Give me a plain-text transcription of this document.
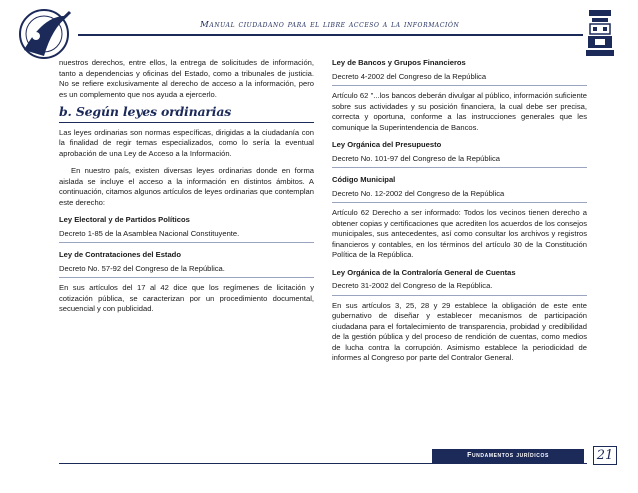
Manual ciudadano para el libre acceso a la información

nuestros derechos, entre ellos, la entrega de solicitudes de información, tanto a dependencias y oficinas del Estado, como a tribunales de justicia. No se refiere exclusivamente al derecho de acceso a la información, pero es un complemento que nos ayuda a ejercerlo.

b. Según leyes ordinarias

Las leyes ordinarias son normas específicas, dirigidas a la ciudadanía con la finalidad de regir temas especializados, como lo sería la eventual aprobación de una Ley de Acceso a la Información.

En nuestro país, existen diversas leyes ordinarias donde en forma aislada se incluye el acceso a la información en distintos ámbitos. A continuación, citamos algunos artículos de leyes ordinarias que contemplan este derecho:

Ley Electoral y de Partidos Políticos
Decreto 1-85 de la Asamblea Nacional Constituyente.
Ley de Contrataciones del Estado
Decreto No. 57-92 del Congreso de la República.

En sus artículos del 17 al 42 dice que los regímenes de licitación y cotización pública, se caracterizan por un procedimiento documental, secuencial y con publicidad.

Ley de Bancos y Grupos Financieros
Decreto 4-2002 del Congreso de la República

Artículo 62 "...los bancos deberán divulgar al público, información suficiente sobre sus actividades y su posición financiera, la cual debe ser precisa, correcta y oportuna, conforme a las instrucciones generales que les comunique la Superintendencia de Bancos.

Ley Orgánica del Presupuesto
Decreto No. 101-97 del Congreso de la República
Código Municipal
Decreto No. 12-2002 del Congreso de la República

Artículo 62 Derecho a ser informado: Todos los vecinos tienen derecho a obtener copias y certificaciones que acrediten los acuerdos de los consejos municipales, sus antecedentes, así como consultar los archivos y registros financieros y contables, en los términos del artículo 30 de la Constitución Política de la República.

Ley Orgánica de la Contraloría General de Cuentas
Decreto 31-2002 del Congreso de la República.

En sus artículos 3, 25, 28 y 29 establece la obligación de este ente gubernativo de diseñar y establecer mecanismos de participación ciudadana para el fortalecimiento de transparencia, probidad y credibilidad de la gestión pública y del proceso de rendición de cuentas, como medios de lucha contra la corrupción. Asimismo establece la periodicidad de informes al Congreso por parte del Contralor General.

Fundamentos jurídicos	21
